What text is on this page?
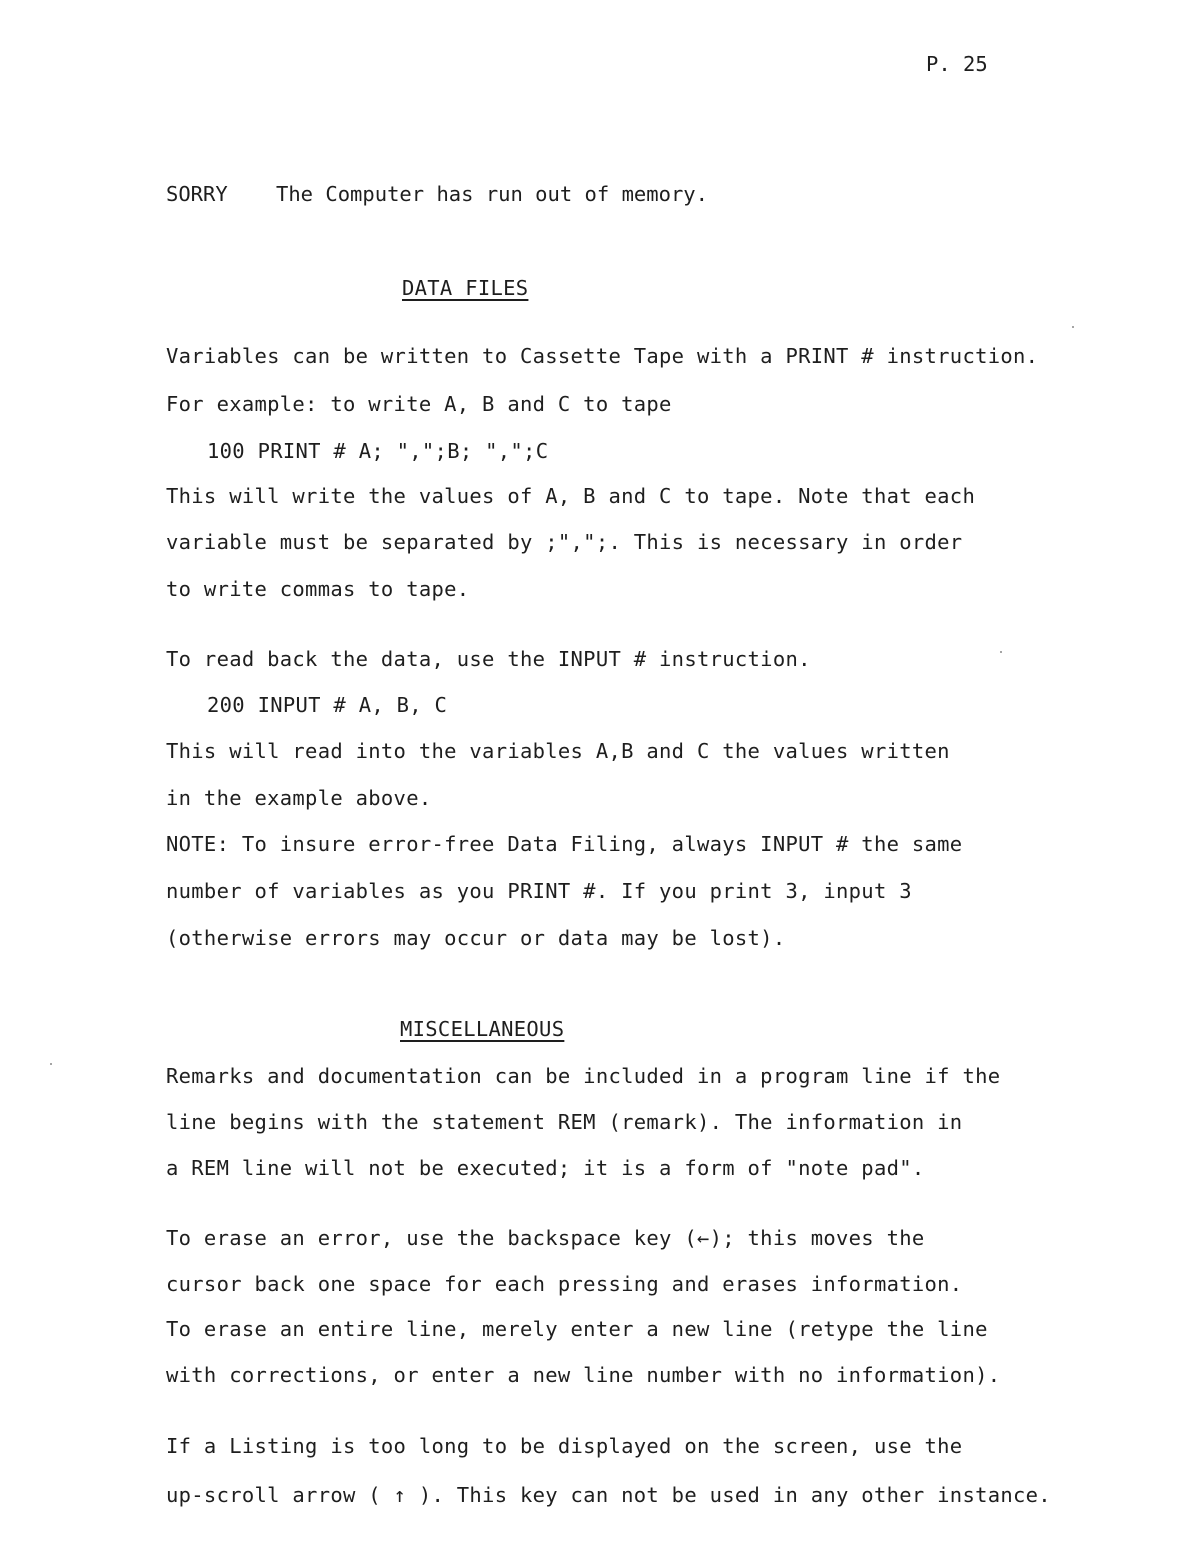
P. 25
SORRY The Computer has run out of memory.
DATA FILES
Variables can be written to Cassette Tape with a PRINT # instruction.
For example: to write A, B and C to tape
100 PRINT # A; ",";B; ",";C
This will write the values of A, B and C to tape. Note that each
variable must be separated by ;",";. This is necessary in order
to write commas to tape.
To read back the data, use the INPUT # instruction.
200 INPUT # A, B, C
This will read into the variables A,B and C the values written
in the example above.
NOTE: To insure error-free Data Filing, always INPUT # the same
number of variables as you PRINT #. If you print 3, input 3
(otherwise errors may occur or data may be lost).
MISCELLANEOUS
Remarks and documentation can be included in a program line if the
line begins with the statement REM (remark). The information in
a REM line will not be executed; it is a form of "note pad".
To erase an error, use the backspace key (←); this moves the
cursor back one space for each pressing and erases information.
To erase an entire line, merely enter a new line (retype the line
with corrections, or enter a new line number with no information).
If a Listing is too long to be displayed on the screen, use the
up-scroll arrow ( ↑ ). This key can not be used in any other instance.
